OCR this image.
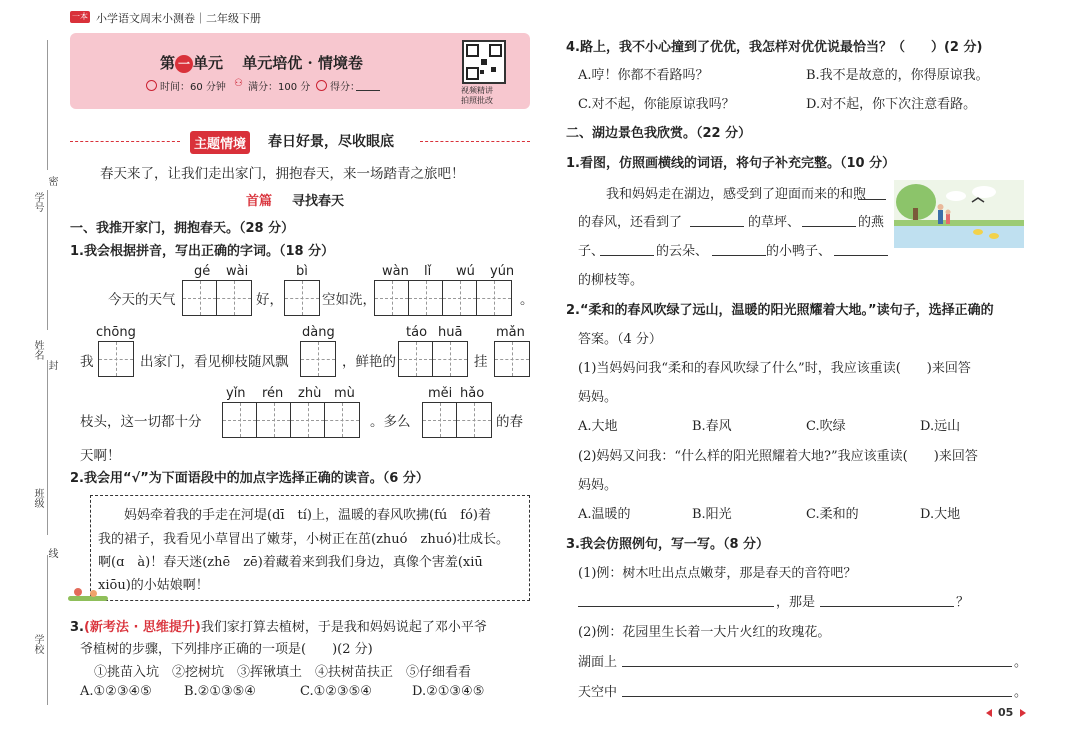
一本 小学语文周末小测卷｜二年级下册
密
学号
姓名
封
班级
线
学校
第 一 单元 单元培优 · 情境卷
时间：60 分钟 ⚇ 满分：100 分 得分：	视频精讲
拍照批改
主题情境 春日好景，尽收眼底
春天来了，让我们走出家门，拥抱春天，来一场踏青之旅吧！
首篇 寻找春天
一、我推开家门，拥抱春天。（28 分）
1.我会根据拼音，写出正确的字词。（18 分）
gé wài	bì	wàn lǐ wú yún
今天的天气	好，	空如洗，	。
chōng	dàng	táo huā	mǎn
我	出家门，看见柳枝随风飘	，鲜艳的	挂
yǐn rén zhù mù	měi hǎo
枝头，这一切都十分	。多么	的春
天啊！
2.我会用“√”为下面语段中的加点字选择正确的读音。（6 分）
妈妈牵着我的手走在河堤(dī　tí)上，温暖的春风吹拂(fú　fó)着
我的裙子，我看见小草冒出了嫩芽，小树正在茁(zhuó　zhuó)壮成长。
啊(ɑ　à)！春天迷(zhē　zē)着藏着来到我们身边，真像个害羞(xiū
xiōu)的小姑娘啊！
3.(新考法 · 思维提升)我们家打算去植树，于是我和妈妈说起了邓小平爷
爷植树的步骤，下列排序正确的一项是(　　)(2 分)
①挑苗入坑　②挖树坑　③挥锹填土　④扶树苗扶正　⑤仔细看看
A.①②③④⑤ B.②①③⑤④	C.①②③⑤④	D.②①③④⑤
4.路上，我不小心撞到了优优，我怎样对优优说最恰当？（　　）(2 分)
A.哼！你都不看路吗？	B.我不是故意的，你得原谅我。
C.对不起，你能原谅我吗？	D.对不起，你下次注意看路。
二、湖边景色我欣赏。（22 分）
1.看图，仿照画横线的词语，将句子补充完整。（10 分）
我和妈妈走在湖边，感受到了迎面而来的和煦
的春风，还看到了	的草坪、	的燕
子、	的云朵、	的小鸭子、
的柳枝等。
2.“柔和的春风吹绿了远山，温暖的阳光照耀着大地。”读句子，选择正确的
答案。（4 分）
(1)当妈妈问我“柔和的春风吹绿了什么”时，我应该重读(　　)来回答
妈妈。
A.大地	B.春风	C.吹绿	D.远山
(2)妈妈又问我：“什么样的阳光照耀着大地?”我应该重读(　　)来回答
妈妈。
A.温暖的	B.阳光	C.柔和的	D.大地
3.我会仿照例句，写一写。（8 分）
(1)例：树木吐出点点嫩芽，那是春天的音符吧？
，那是	？
(2)例：花园里生长着一大片火红的玫瑰花。
湖面上	。
天空中	。
05
